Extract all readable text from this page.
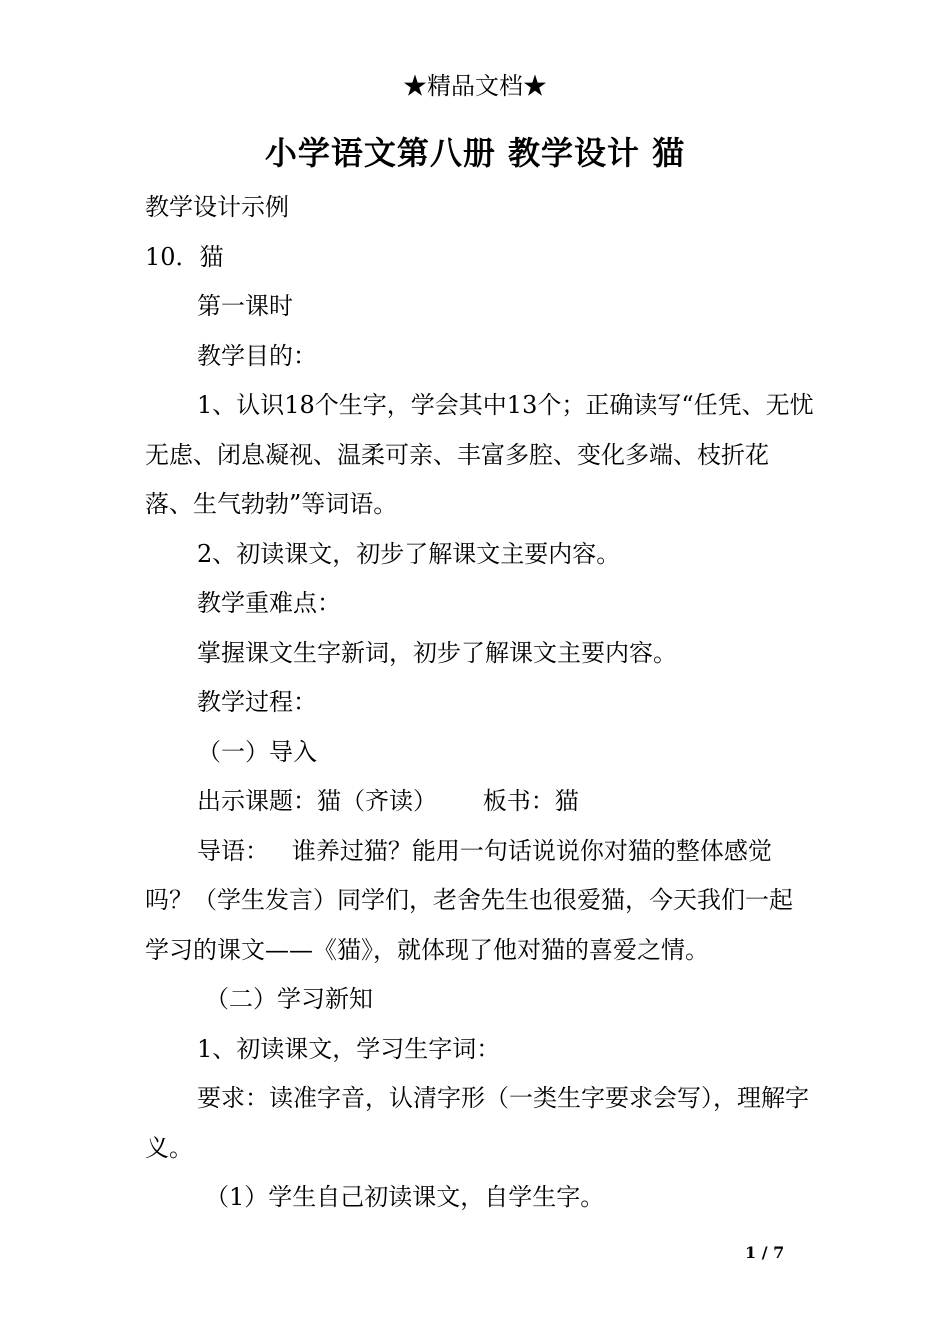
★精品文档★
小学语文第八册 教学设计 猫

教学设计示例

10．猫

第一课时

教学目的：

1、认识18个生字，学会其中13个；正确读写“任凭、无忧无虑、闭息凝视、温柔可亲、丰富多腔、变化多端、枝折花落、生气勃勃”等词语。

2、初读课文，初步了解课文主要内容。

教学重难点：

掌握课文生字新词，初步了解课文主要内容。

教学过程：

（一）导入

出示课题：猫（齐读）      板书：猫

导语：   谁养过猫？能用一句话说说你对猫的整体感觉吗？（学生发言）同学们，老舍先生也很爱猫，今天我们一起学习的课文——《猫》，就体现了他对猫的喜爱之情。

（二）学习新知

1、初读课文，学习生字词：

要求：读准字音，认清字形（一类生字要求会写），理解字义。

（1）学生自己初读课文，自学生字。

1 / 7
